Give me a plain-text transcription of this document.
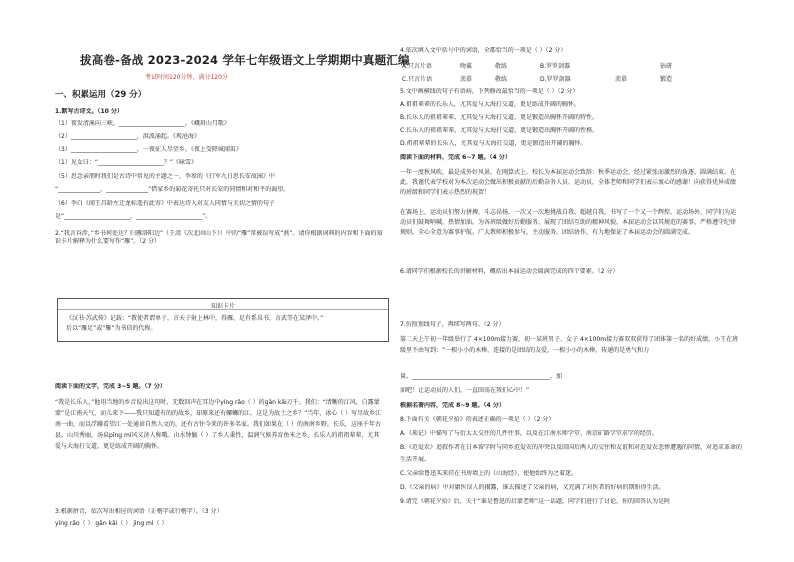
拔高卷-备战 2023-2024 学年七年级语文上学期期中真题汇编
考试时间120分钟，满分120分
一、积累运用（29 分）
1.默写古诗文。（10 分）
（1）夜发清溪向三峡，______________________。《峨眉山月歌》
（2）______________________，洪波涌起。《观沧海》
（3）______________________，一夜征人尽望乡。《夜上受降城闻笛》
（1）见女曰：“______________________？”《咏雪》
（5）思念亲朋时我们是古诗中常见的主题之一，李参的《行军九日思长安故园》中
“______________，______________”借家乡的菊花寄托只对长安的同情和对和平的渴望。
（6）李白《闻王昌龄左迁龙标遥有此寄》中表达诗人对友人同情与关切之情的句子
是“______________________，______________________”。
2.“我言谷涉，”乡书何处达？归雁洛阳边”（王湾《次北固山下》）中的“雁”常被误写成“燕”。请你根据词典的内容和下面的知识卡片解释为什么要写作“雁”。（2 分）
知识卡片
《汉书·苏武传》记载：“教使者谓单于，言天子射上林中，得雁，足有系帛书，言武等在某泽中。”
后以“雁足”或“雁”为书信的代称。
阅读下面的文字，完成 3~5 题。（7 分）
“我是长乐人，”他用当地的乡音说出这句时，无数回声在耳边中yíng rǎo（ ）的gǎn kǎi万千。我们：“清晰的江风，白露蒙蒙”是江南天气，而儿来下——我只知道有的的故乡，却原来还有螺蛳的江，这是为故土之乡？”当年，冰心（ ）写尽故乡江南一曲，而以浮躁看望江一处通谚自然人文的，还有古往今来的许多名家。我们如果在（ ）的南南乡野。长乐，这座千年古县，山川秀丽，汤泉pǐng mì风又济人称哦。山水钟毓（ ）了乡人秉性，温润气候养育鱼米之乡。长乐人的祖祖辈辈，尤其爱与大海打交道，更是练成开阔的胸怀。
3.根据拼音，依次写出相应的词语（正楷字或行楷字）。（3 分）
yíng rǎo（ ） gǎn kǎi（ ） jìng mì（ ）
4.依次填入文中括号中的词语，全都恰当的一项是（ ）（2 分）
A.只言片语	吻翼	敬练	B.罗罗剑器	钻研
C.只言片语	羡慕	敬练	D.罗罗剑器	羡慕	锻造
5.文中画横线的句子有语病，下列修改最恰当的一项是（ ）（2 分）
A.祖祖辈辈的长乐人，尤其爱与大海打交道，更是练成开阔的胸怀。
B.长乐人的祖祖辈辈，尤其爱与大海打交道，更是锻造出胸怀开阔的特性。
C.长乐人的祖祖辈辈，尤其爱与大海打交道，更是锻造出胸怀开阔的性格。
D.祖祖辈辈的长乐人，尤其爱与大海打交道，更是锻造出开阔的胸怀。
阅读下面的材料，完成 6~7 题。（4 分）
一年一度秋风吹，最是成外好风景。在刚算式上，校长为本届运动会致辞：秋季运动会，经过紧张而激烈的角逐，圆满结束。在此，我谨代表学校对为本次运动会做出积极贡献的后勤杂务人员、运动员，全体老师和同学们表示衷心的感谢！向获得优异成绩的班级和同学们表示热烈的祝贺！
在赛场上，运动员们努力拼搏，斗志昂扬。一次又一次地挑战自我、超越自我，书写了一个又一个辉煌。运动场外，同学们为运动员们鼓舞呐喊，热情加油。为各班级做好后勤服务，展现了团结互助的精神风貌。本届运动会以其规范的赛事，严格遵守纪律规则，全心全意为赛事护航。广大教师积极参与，主动服务，团结协作，有力地保证了本届运动会的圆满完成。
6.请同学们根据校长的讲解材料，概括出本届运动会圆满完成的四个要素。（2 分）
7.仿照划线句子，再续写两句。（2 分）
第二天上午初一年级举行了 4×100m接力赛，初一某班男子、女子 4×100m接力赛双双获得了团体第一名的好成绩，小王在班级里不由写到：“一根小小的木棒，连接的是团结的友爱，一根小小的木棒，传递的是勇气和力
量。______________________________________________，加
油吧！让运动员的人们，一直回荡在我们心中！”
根据名著内容，完成 8~9 题。（4 分）
8.下面有关《朝花夕拾》的表述正确的一项是（ ）（2 分）
A.《琐记》中描写了与衍太太交往的几件往事，以及在江南水师学堂、南京矿路学堂求学的经历。
B.《范爱农》追叙作者在日本留学时与同乡范爱农的冲突以及回国后两人的交往和友谊和对范爱农悲惨遭遇的同情，对追求革命的
生活开展。
C.父亲给鲁迅买来挂在书房墙上的《山海经》，使他始终为之着迷。
D.《父亲的病》中对庸医误人的揭露，谁去描述了父亲的病，又充满了对医者的好病的期盼得生活。
9.请完《朝花夕拾》后，关于“谁是鲁迅的启蒙老师”这一话题，同学们进行了讨论，你的回答认为是阿
